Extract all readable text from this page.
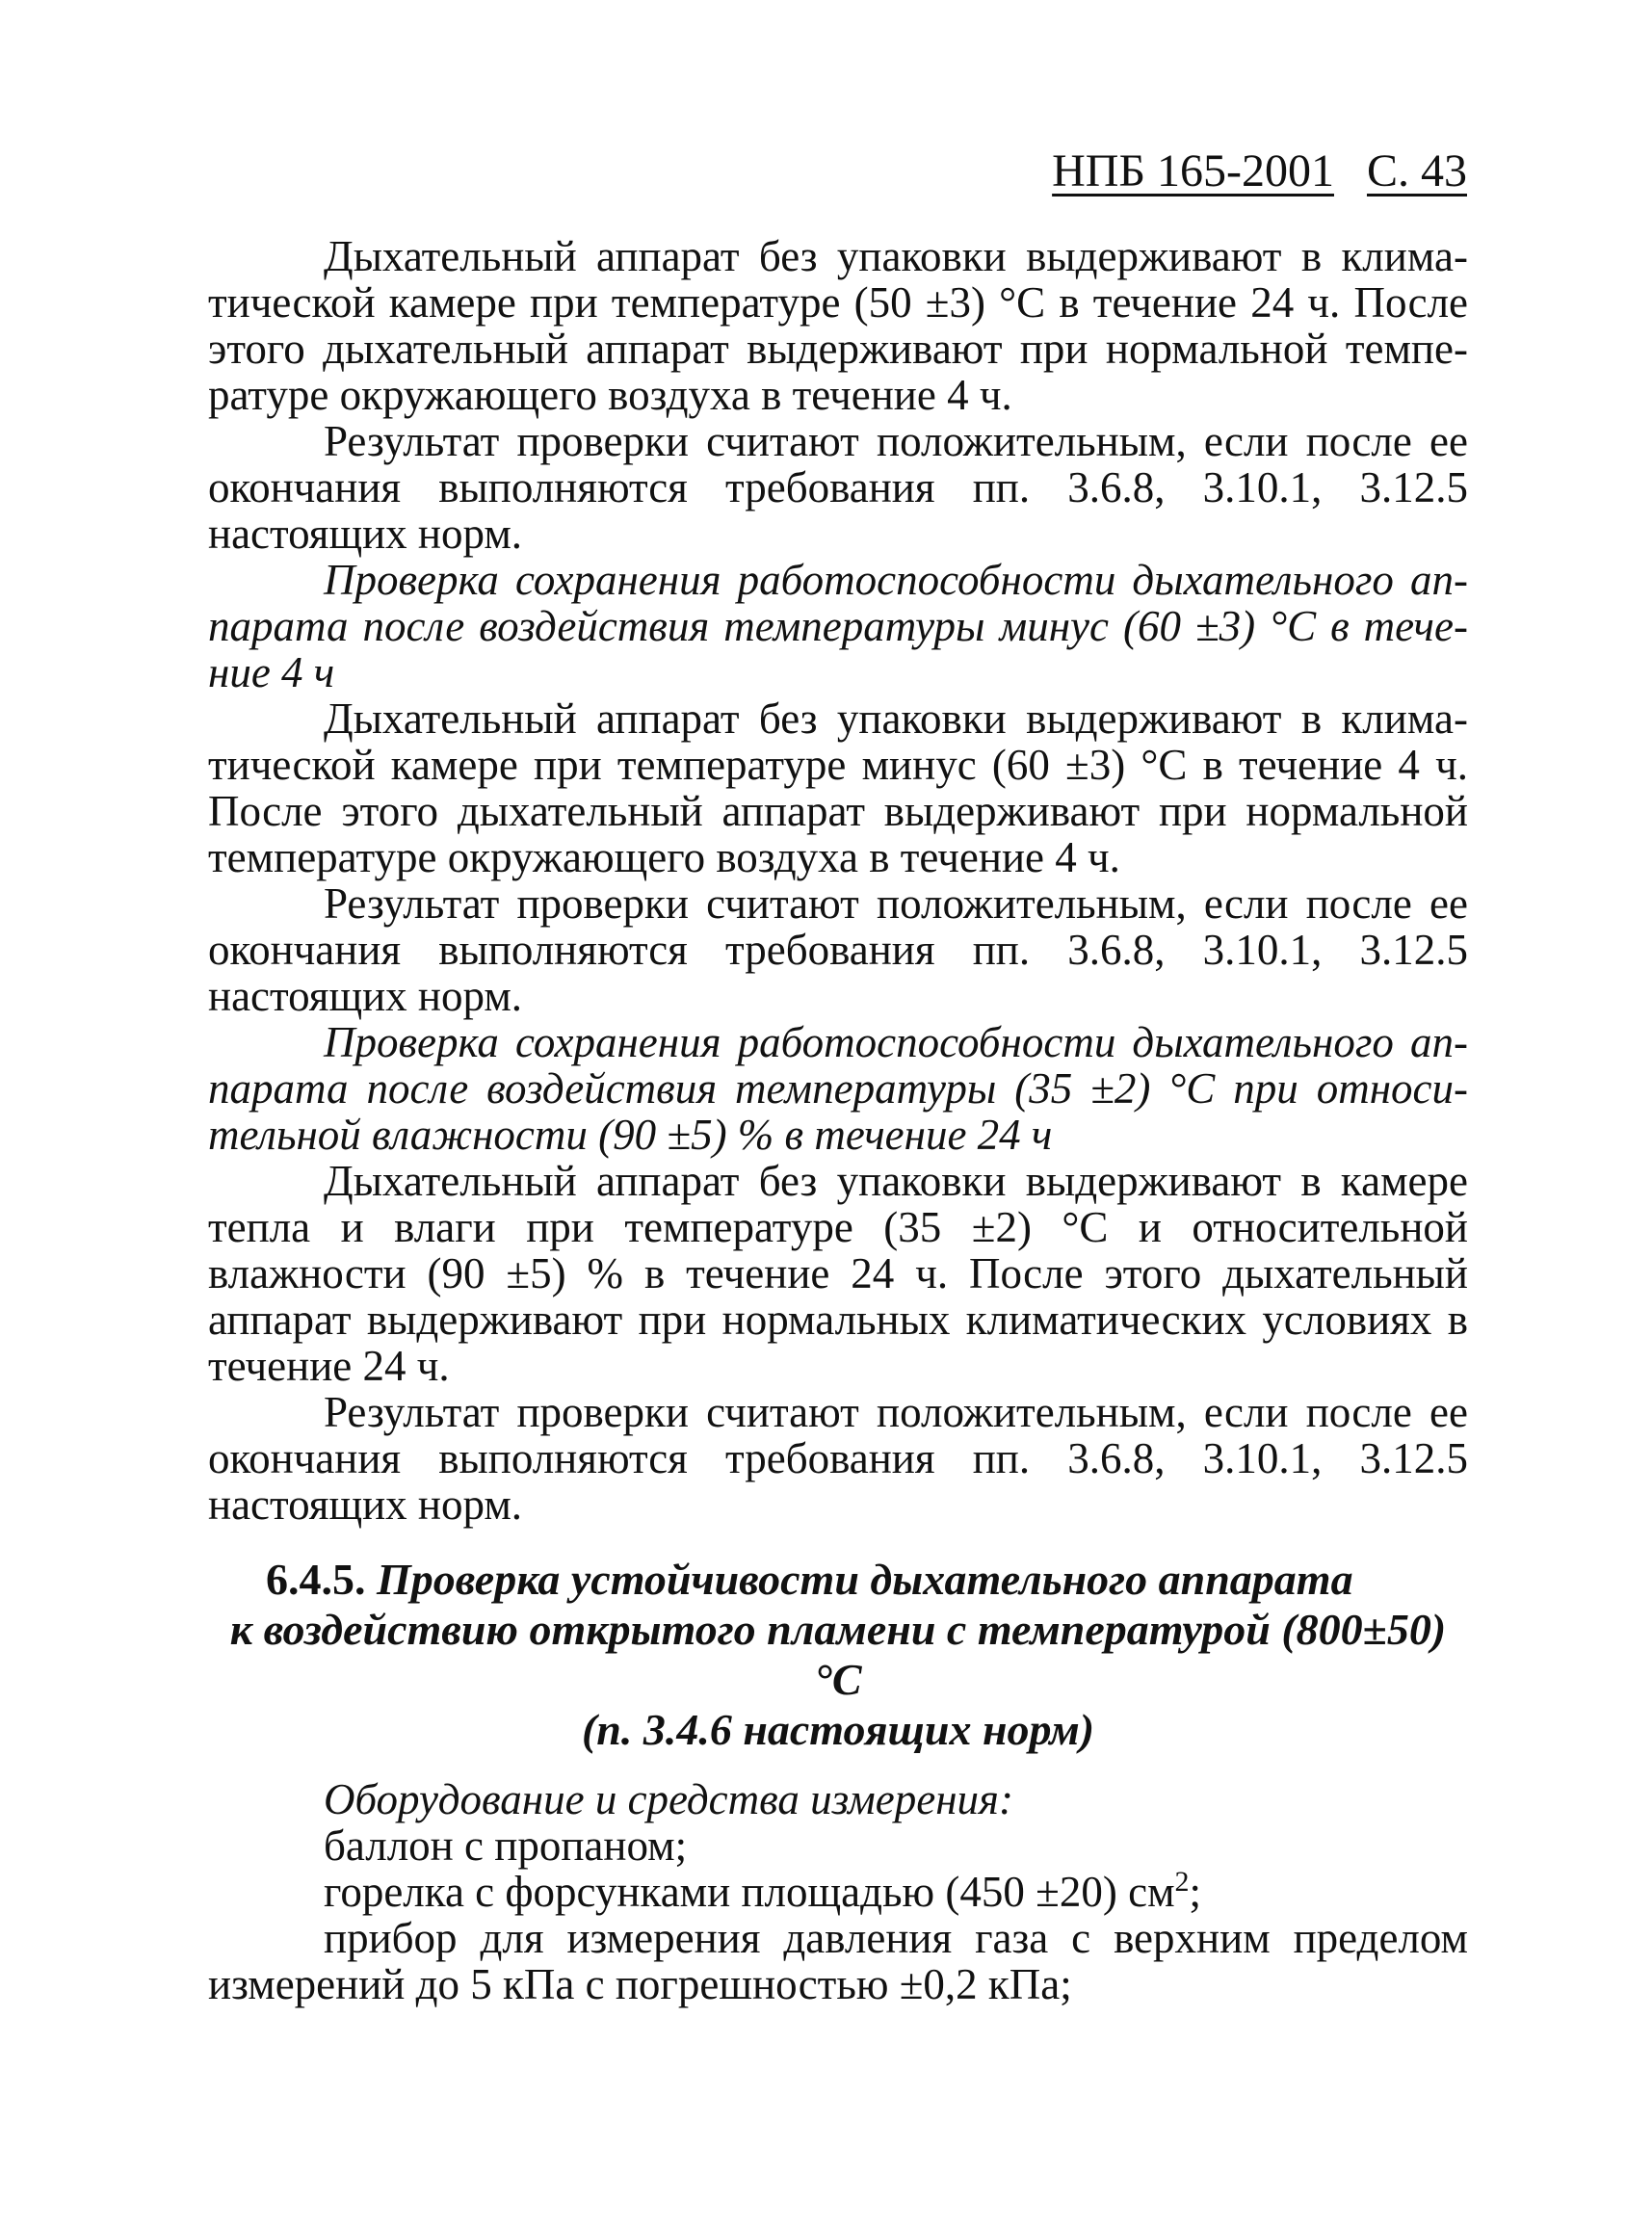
НПБ 165-2001 С. 43

Дыхательный аппарат без упаковки выдерживают в климатической камере при температуре (50 ±3) °С в течение 24 ч. После этого дыхательный аппарат выдерживают при нормальной температуре окружающего воздуха в течение 4 ч.

Результат проверки считают положительным, если после ее окончания выполняются требования пп. 3.6.8, 3.10.1, 3.12.5 настоящих норм.

Проверка сохранения работоспособности дыхательного аппарата после воздействия температуры минус (60 ±3) °С в течение 4 ч

Дыхательный аппарат без упаковки выдерживают в климатической камере при температуре минус (60 ±3) °С в течение 4 ч. После этого дыхательный аппарат выдерживают при нормальной температуре окружающего воздуха в течение 4 ч.

Результат проверки считают положительным, если после ее окончания выполняются требования пп. 3.6.8, 3.10.1, 3.12.5 настоящих норм.

Проверка сохранения работоспособности дыхательного аппарата после воздействия температуры (35 ±2) °С при относительной влажности (90 ±5) % в течение 24 ч

Дыхательный аппарат без упаковки выдерживают в камере тепла и влаги при температуре (35 ±2) °С и относительной влажности (90 ±5) % в течение 24 ч. После этого дыхательный аппарат выдерживают при нормальных климатических условиях в течение 24 ч.

Результат проверки считают положительным, если после ее окончания выполняются требования пп. 3.6.8, 3.10.1, 3.12.5 настоящих норм.

6.4.5. Проверка устойчивости дыхательного аппарата
к воздействию открытого пламени с температурой (800±50) °С
(п. 3.4.6 настоящих норм)

Оборудование и средства измерения:

баллон с пропаном;

горелка с форсунками площадью (450 ±20) $см^2$;

прибор для измерения давления газа с верхним пределом измерений до 5 кПа с погрешностью ±0,2 кПа;
